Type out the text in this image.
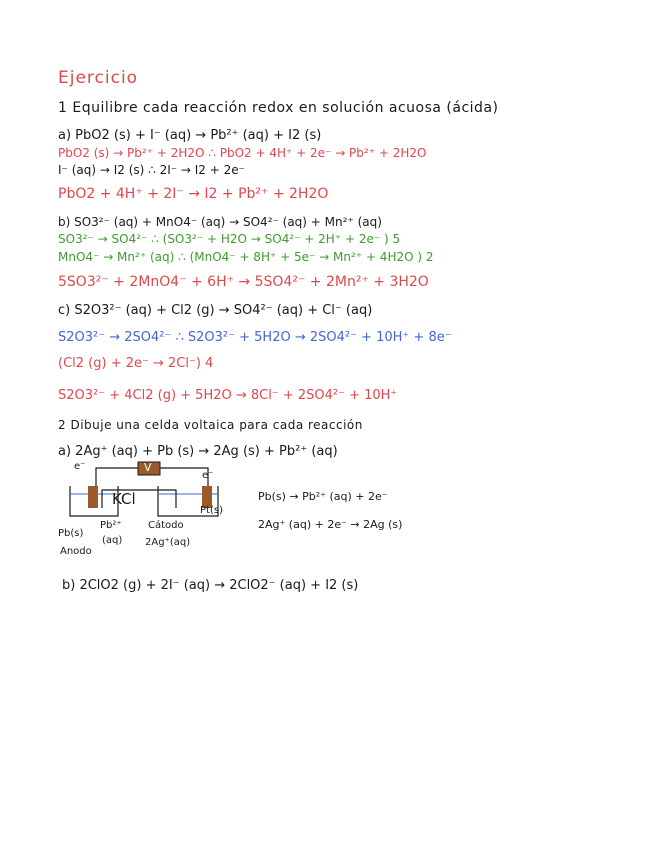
Ejercicio
1 Equilibre cada reacción redox en solución acuosa (ácida)
a) PbO2 (s) + I⁻ (aq) → Pb²⁺ (aq) + I2 (s)
PbO2 (s) → Pb²⁺ + 2H2O ∴ PbO2 + 4H⁺ + 2e⁻ → Pb²⁺ + 2H2O
I⁻ (aq) → I2 (s) ∴ 2I⁻ → I2 + 2e⁻
PbO2 + 4H⁺ + 2I⁻ → I2 + Pb²⁺ + 2H2O
b) SO3²⁻ (aq) + MnO4⁻ (aq) → SO4²⁻ (aq) + Mn²⁺ (aq)
SO3²⁻ → SO4²⁻ ∴ (SO3²⁻ + H2O → SO4²⁻ + 2H⁺ + 2e⁻ ) 5
MnO4⁻ → Mn²⁺ (aq) ∴ (MnO4⁻ + 8H⁺ + 5e⁻ → Mn²⁺ + 4H2O ) 2
5SO3²⁻ + 2MnO4⁻ + 6H⁺ → 5SO4²⁻ + 2Mn²⁺ + 3H2O
c) S2O3²⁻ (aq) + Cl2 (g) → SO4²⁻ (aq) + Cl⁻ (aq)
S2O3²⁻ → 2SO4²⁻ ∴ S2O3²⁻ + 5H2O → 2SO4²⁻ + 10H⁺ + 8e⁻
(Cl2 (g) + 2e⁻ → 2Cl⁻) 4
S2O3²⁻ + 4Cl2 (g) + 5H2O → 8Cl⁻ + 2SO4²⁻ + 10H⁺
2 Dibuje una celda voltaica para cada reacción
a) 2Ag⁺ (aq) + Pb (s) → 2Ag (s) + Pb²⁺ (aq)
V
e⁻
e⁻
KCl
Pb(s)
Anodo
Pb²⁺
(aq)
Cátodo
2Ag⁺(aq)
Pt(s)
Pb(s) → Pb²⁺ (aq) + 2e⁻
2Ag⁺ (aq) + 2e⁻ → 2Ag (s)
b) 2ClO2 (g) + 2I⁻ (aq) → 2ClO2⁻ (aq) + I2 (s)
